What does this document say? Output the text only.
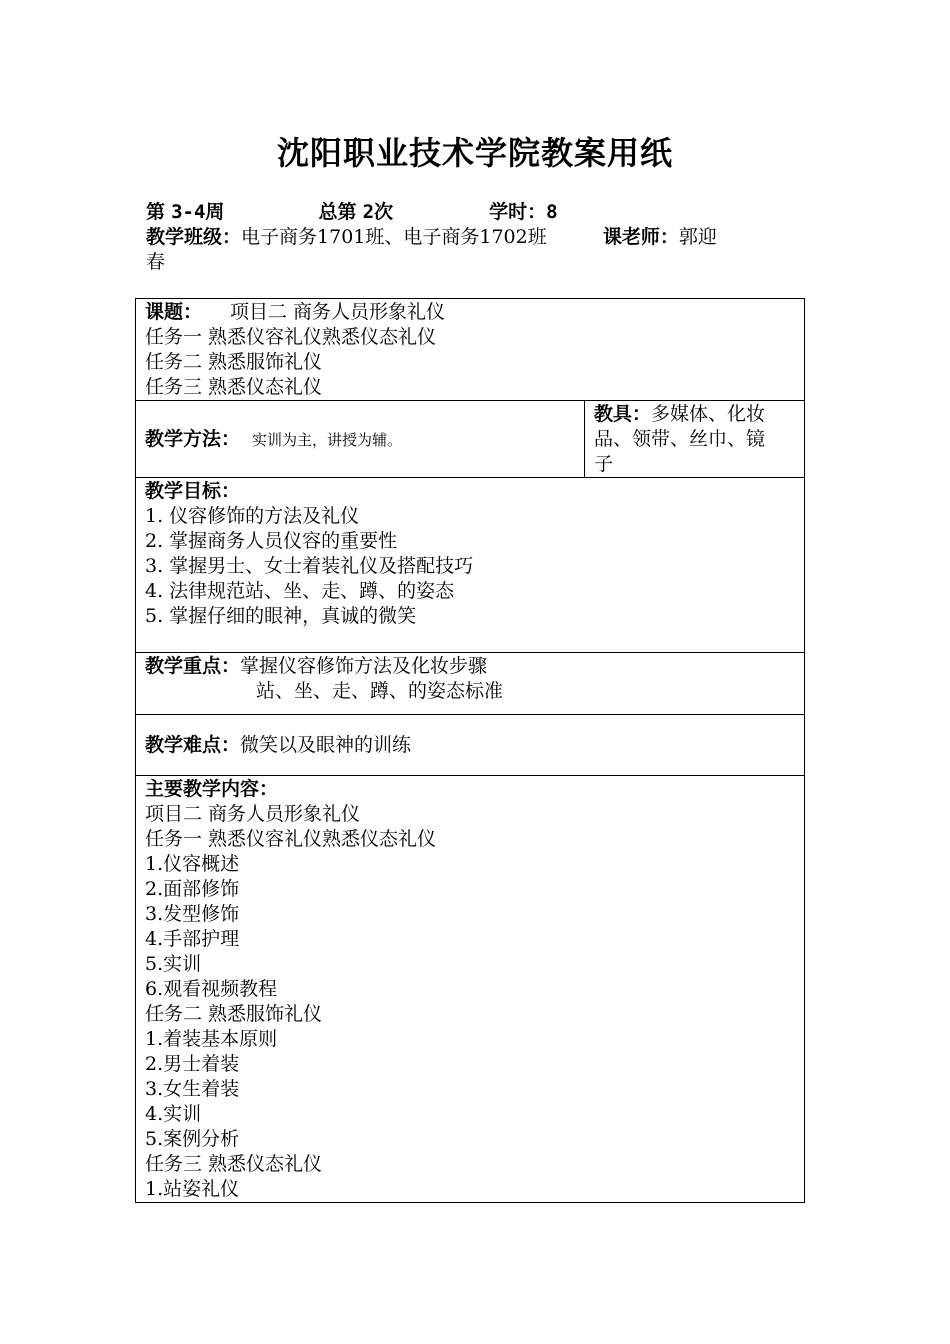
沈阳职业技术学院教案用纸
第 3-4周	总第 2次	学时：8
教学班级：电子商务1701班、电子商务1702班	课老师：郭迎
春
课题： 项目二 商务人员形象礼仪
任务一 熟悉仪容礼仪熟悉仪态礼仪
任务二 熟悉服饰礼仪
任务三 熟悉仪态礼仪

教学方法： 实训为主，讲授为辅。

教具：多媒体、化妆
品、领带、丝巾、镜
子

教学目标：
1. 仪容修饰的方法及礼仪
2. 掌握商务人员仪容的重要性
3. 掌握男士、女士着装礼仪及搭配技巧
4. 法律规范站、坐、走、蹲、的姿态
5. 掌握仔细的眼神，真诚的微笑

教学重点：掌握仪容修饰方法及化妆步骤
站、坐、走、蹲、的姿态标准

教学难点：微笑以及眼神的训练

主要教学内容：
项目二 商务人员形象礼仪
任务一 熟悉仪容礼仪熟悉仪态礼仪
1.仪容概述
2.面部修饰
3.发型修饰
4.手部护理
5.实训
6.观看视频教程
任务二 熟悉服饰礼仪
1.着装基本原则
2.男士着装
3.女生着装
4.实训
5.案例分析
任务三 熟悉仪态礼仪
1.站姿礼仪
